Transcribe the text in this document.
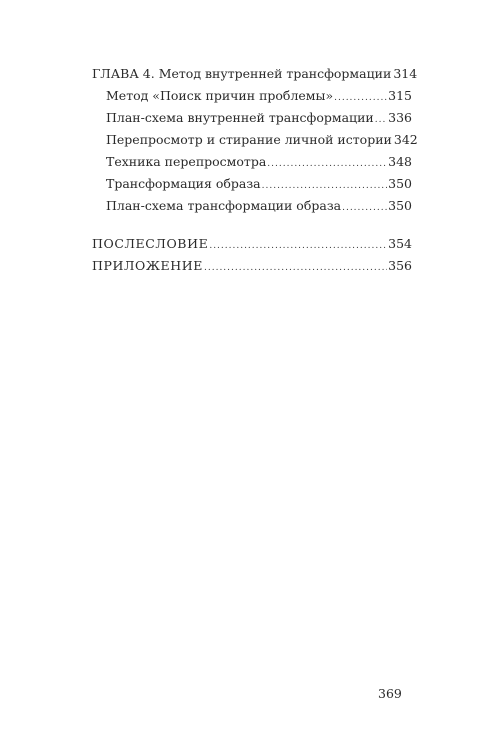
ГЛАВА 4. Метод внутренней трансформации 314
Метод «Поиск причин проблемы» .....	315
План-схема внутренней трансформации ..... 336
Перепросмотр и стирание личной истории 342
Техника перепросмотра .....	348
Трансформация образа .....	350
План-схема трансформации образа .....	350
ПОСЛЕСЛОВИЕ .....	354
ПРИЛОЖЕНИЕ .....	356
369
